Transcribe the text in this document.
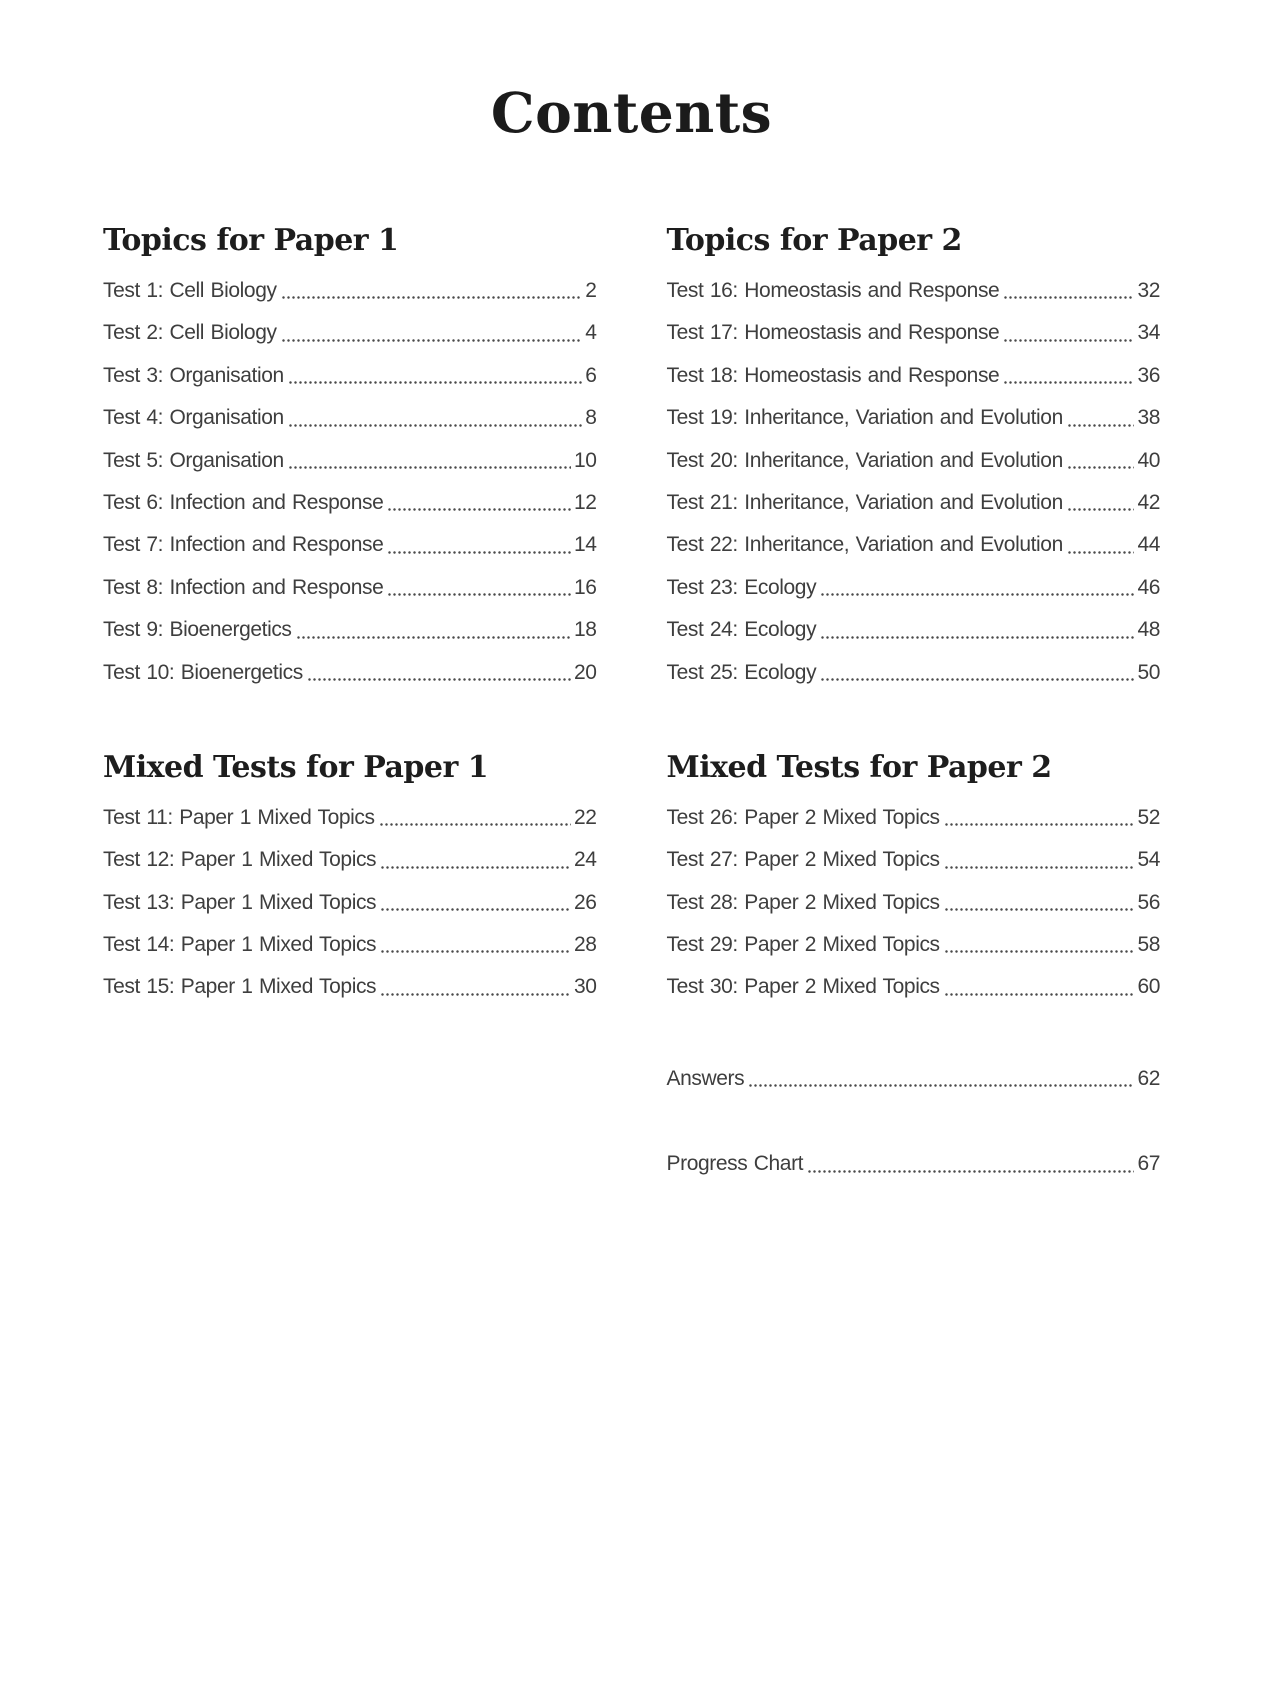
Contents
Topics for Paper 1
Test 1: Cell Biology	2
Test 2: Cell Biology	4
Test 3: Organisation	6
Test 4: Organisation	8
Test 5: Organisation	10
Test 6: Infection and Response	12
Test 7: Infection and Response	14
Test 8: Infection and Response	16
Test 9: Bioenergetics	18
Test 10: Bioenergetics	20
Topics for Paper 2
Test 16: Homeostasis and Response	32
Test 17: Homeostasis and Response	34
Test 18: Homeostasis and Response	36
Test 19: Inheritance, Variation and Evolution	38
Test 20: Inheritance, Variation and Evolution	40
Test 21: Inheritance, Variation and Evolution	42
Test 22: Inheritance, Variation and Evolution	44
Test 23: Ecology	46
Test 24: Ecology	48
Test 25: Ecology	50
Mixed Tests for Paper 1
Test 11: Paper 1 Mixed Topics	22
Test 12: Paper 1 Mixed Topics	24
Test 13: Paper 1 Mixed Topics	26
Test 14: Paper 1 Mixed Topics	28
Test 15: Paper 1 Mixed Topics	30
Mixed Tests for Paper 2
Test 26: Paper 2 Mixed Topics	52
Test 27: Paper 2 Mixed Topics	54
Test 28: Paper 2 Mixed Topics	56
Test 29: Paper 2 Mixed Topics	58
Test 30: Paper 2 Mixed Topics	60
Answers	62
Progress Chart	67
